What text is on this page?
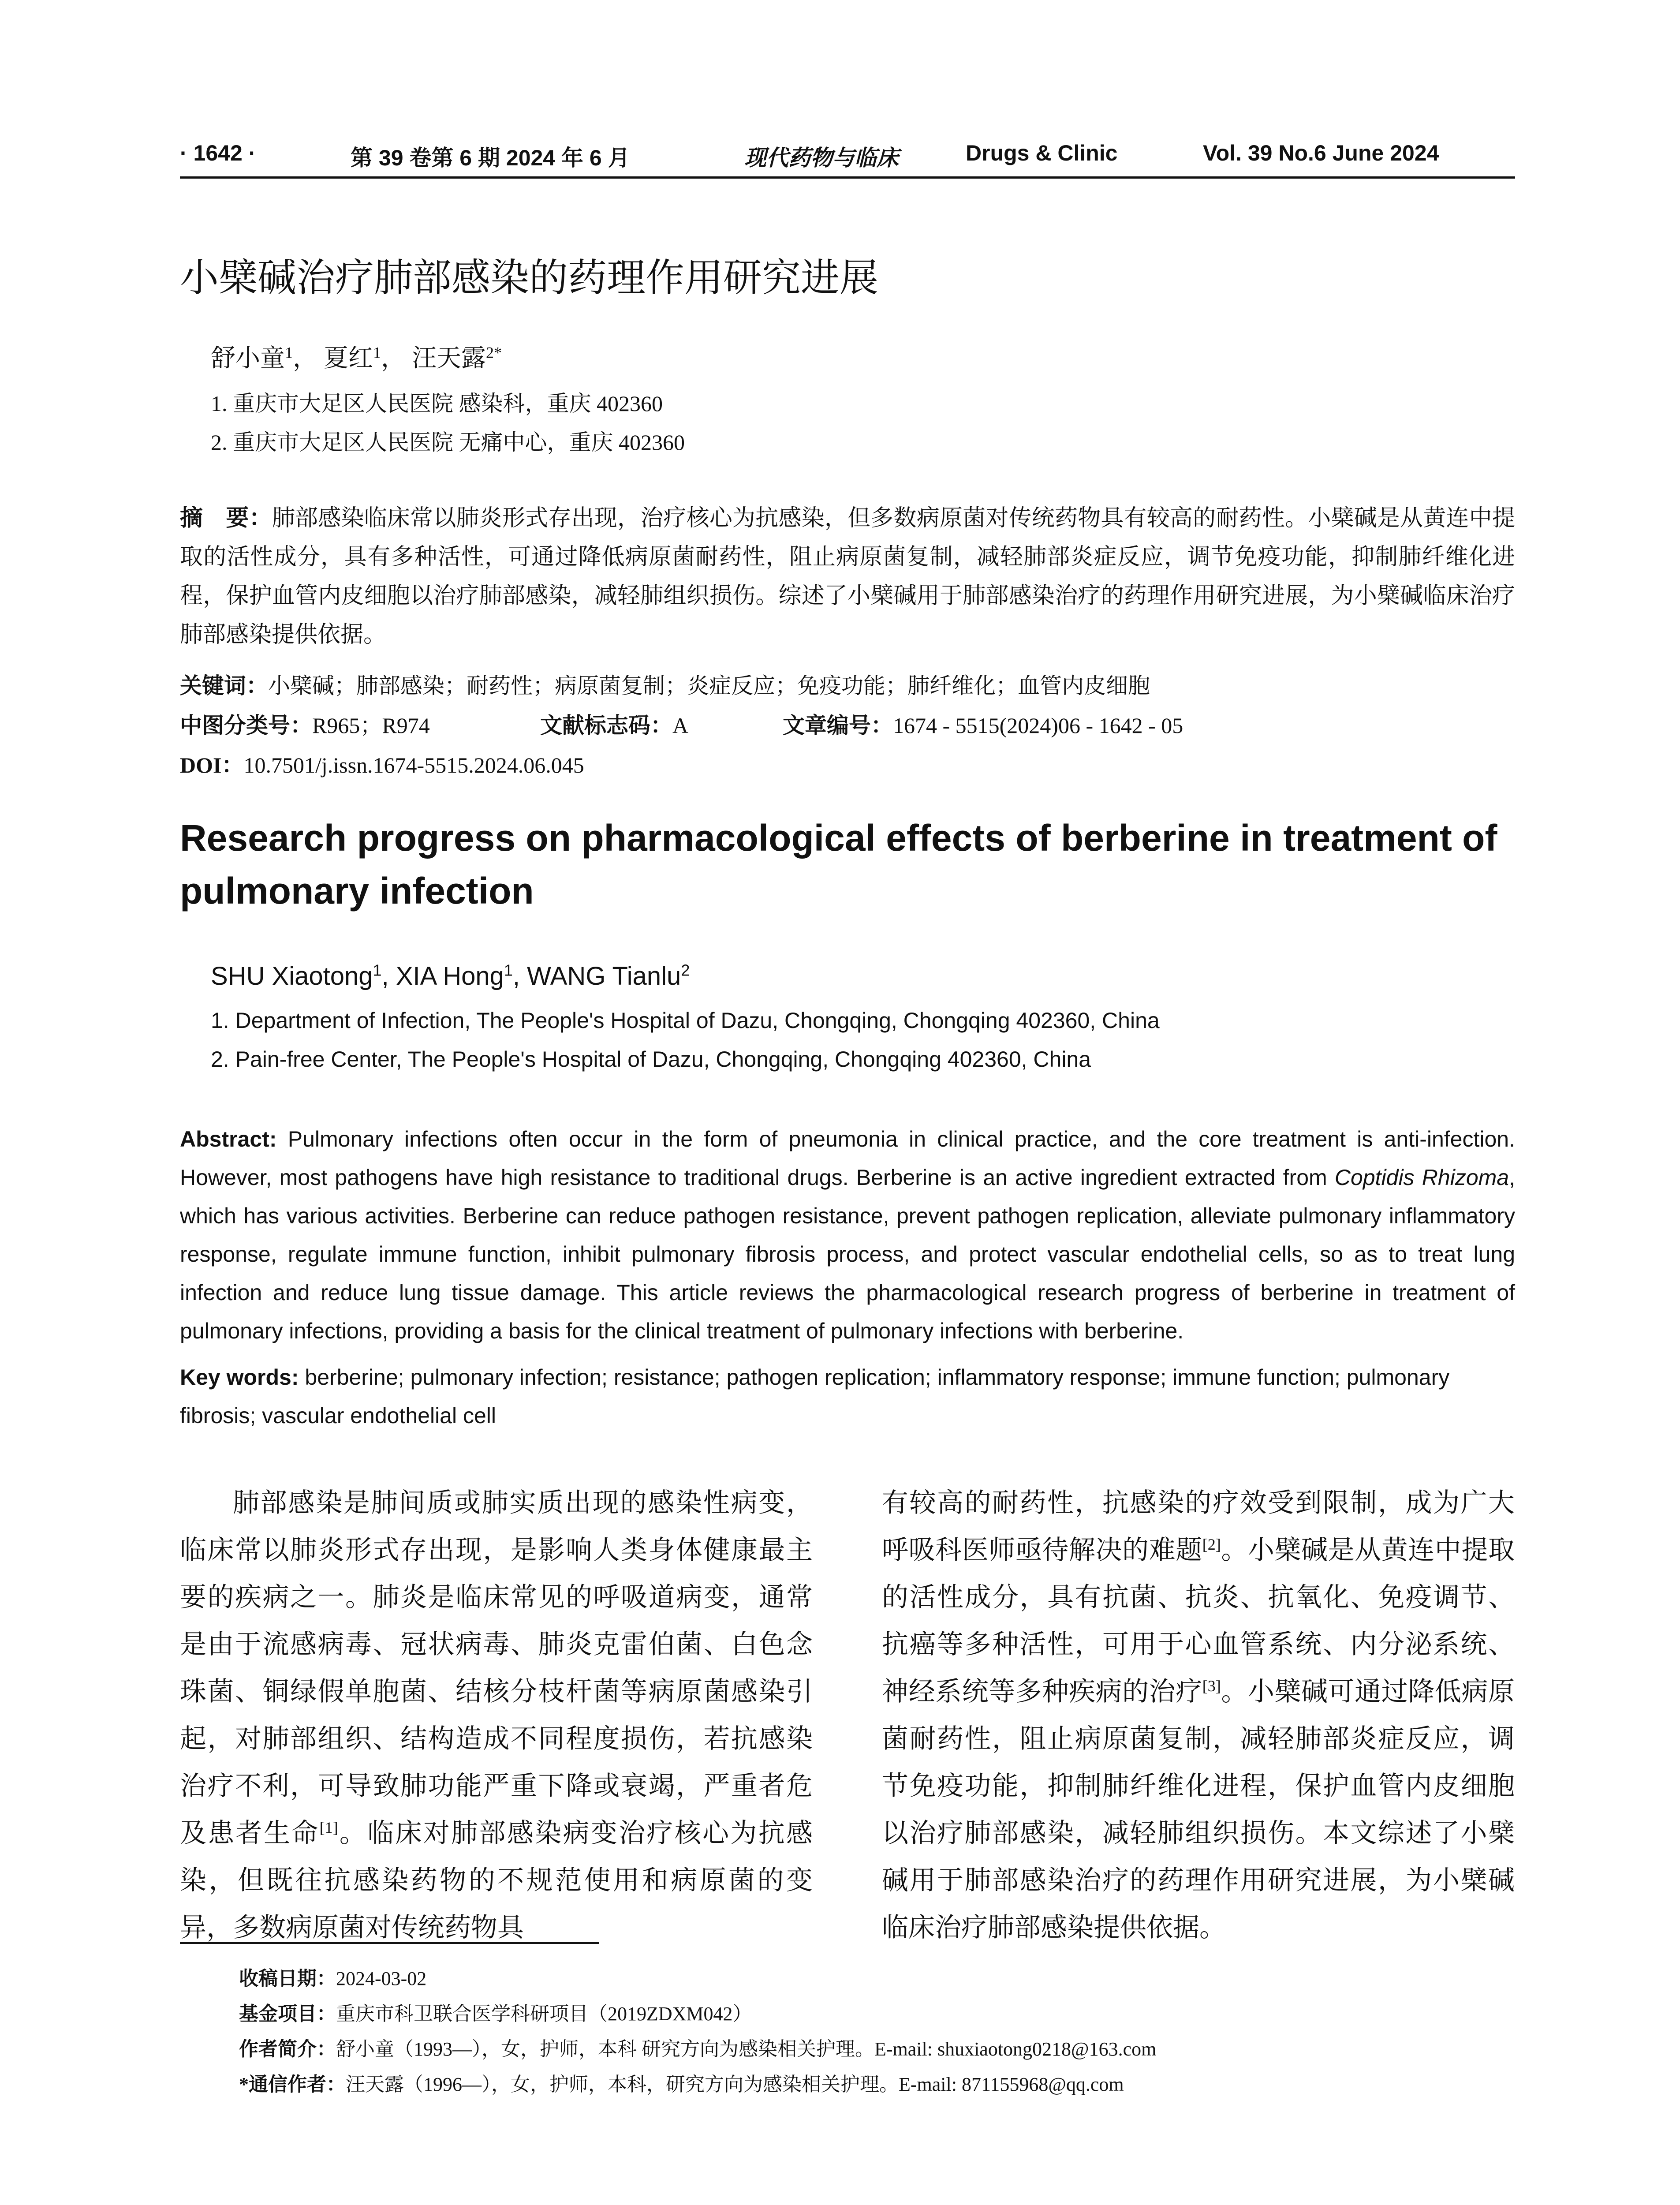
· 1642 ·	第 39 卷第 6 期 2024 年 6 月	现代药物与临床	Drugs & Clinic	Vol. 39 No.6 June 2024
小檗碱治疗肺部感染的药理作用研究进展
舒小童$^1$， 夏红$^1$， 汪天露$^{2*}$
1. 重庆市大足区人民医院 感染科，重庆 402360
2. 重庆市大足区人民医院 无痛中心，重庆 402360
摘　要：肺部感染临床常以肺炎形式存出现，治疗核心为抗感染，但多数病原菌对传统药物具有较高的耐药性。小檗碱是从黄连中提取的活性成分，具有多种活性，可通过降低病原菌耐药性，阻止病原菌复制，减轻肺部炎症反应，调节免疫功能，抑制肺纤维化进程，保护血管内皮细胞以治疗肺部感染，减轻肺组织损伤。综述了小檗碱用于肺部感染治疗的药理作用研究进展，为小檗碱临床治疗肺部感染提供依据。
关键词：小檗碱；肺部感染；耐药性；病原菌复制；炎症反应；免疫功能；肺纤维化；血管内皮细胞
中图分类号：R965；R974	文献标志码：A	文章编号：1674 - 5515(2024)06 - 1642 - 05
DOI：10.7501/j.issn.1674-5515.2024.06.045
Research progress on pharmacological effects of berberine in treatment of pulmonary infection
SHU Xiaotong$^1$, XIA Hong$^1$, WANG Tianlu$^2$
1. Department of Infection, The People's Hospital of Dazu, Chongqing, Chongqing 402360, China
2. Pain-free Center, The People's Hospital of Dazu, Chongqing, Chongqing 402360, China
Abstract: Pulmonary infections often occur in the form of pneumonia in clinical practice, and the core treatment is anti-infection. However, most pathogens have high resistance to traditional drugs. Berberine is an active ingredient extracted from Coptidis Rhizoma, which has various activities. Berberine can reduce pathogen resistance, prevent pathogen replication, alleviate pulmonary inflammatory response, regulate immune function, inhibit pulmonary fibrosis process, and protect vascular endothelial cells, so as to treat lung infection and reduce lung tissue damage. This article reviews the pharmacological research progress of berberine in treatment of pulmonary infections, providing a basis for the clinical treatment of pulmonary infections with berberine.
Key words: berberine; pulmonary infection; resistance; pathogen replication; inflammatory response; immune function; pulmonary fibrosis; vascular endothelial cell

肺部感染是肺间质或肺实质出现的感染性病变，临床常以肺炎形式存出现，是影响人类身体健康最主要的疾病之一。肺炎是临床常见的呼吸道病变，通常是由于流感病毒、冠状病毒、肺炎克雷伯菌、白色念珠菌、铜绿假单胞菌、结核分枝杆菌等病原菌感染引起，对肺部组织、结构造成不同程度损伤，若抗感染治疗不利，可导致肺功能严重下降或衰竭，严重者危及患者生命[1]。临床对肺部感染病变治疗核心为抗感染，但既往抗感染药物的不规范使用和病原菌的变异，多数病原菌对传统药物具

有较高的耐药性，抗感染的疗效受到限制，成为广大呼吸科医师亟待解决的难题[2]。小檗碱是从黄连中提取的活性成分，具有抗菌、抗炎、抗氧化、免疫调节、抗癌等多种活性，可用于心血管系统、内分泌系统、神经系统等多种疾病的治疗[3]。小檗碱可通过降低病原菌耐药性，阻止病原菌复制，减轻肺部炎症反应，调节免疫功能，抑制肺纤维化进程，保护血管内皮细胞以治疗肺部感染，减轻肺组织损伤。本文综述了小檗碱用于肺部感染治疗的药理作用研究进展，为小檗碱临床治疗肺部感染提供依据。

收稿日期：2024-03-02
基金项目：重庆市科卫联合医学科研项目（2019ZDXM042）
作者简介：舒小童（1993—），女，护师，本科 研究方向为感染相关护理。E-mail: shuxiaotong0218@163.com
*通信作者：汪天露（1996—），女，护师，本科，研究方向为感染相关护理。E-mail: 871155968@qq.com
